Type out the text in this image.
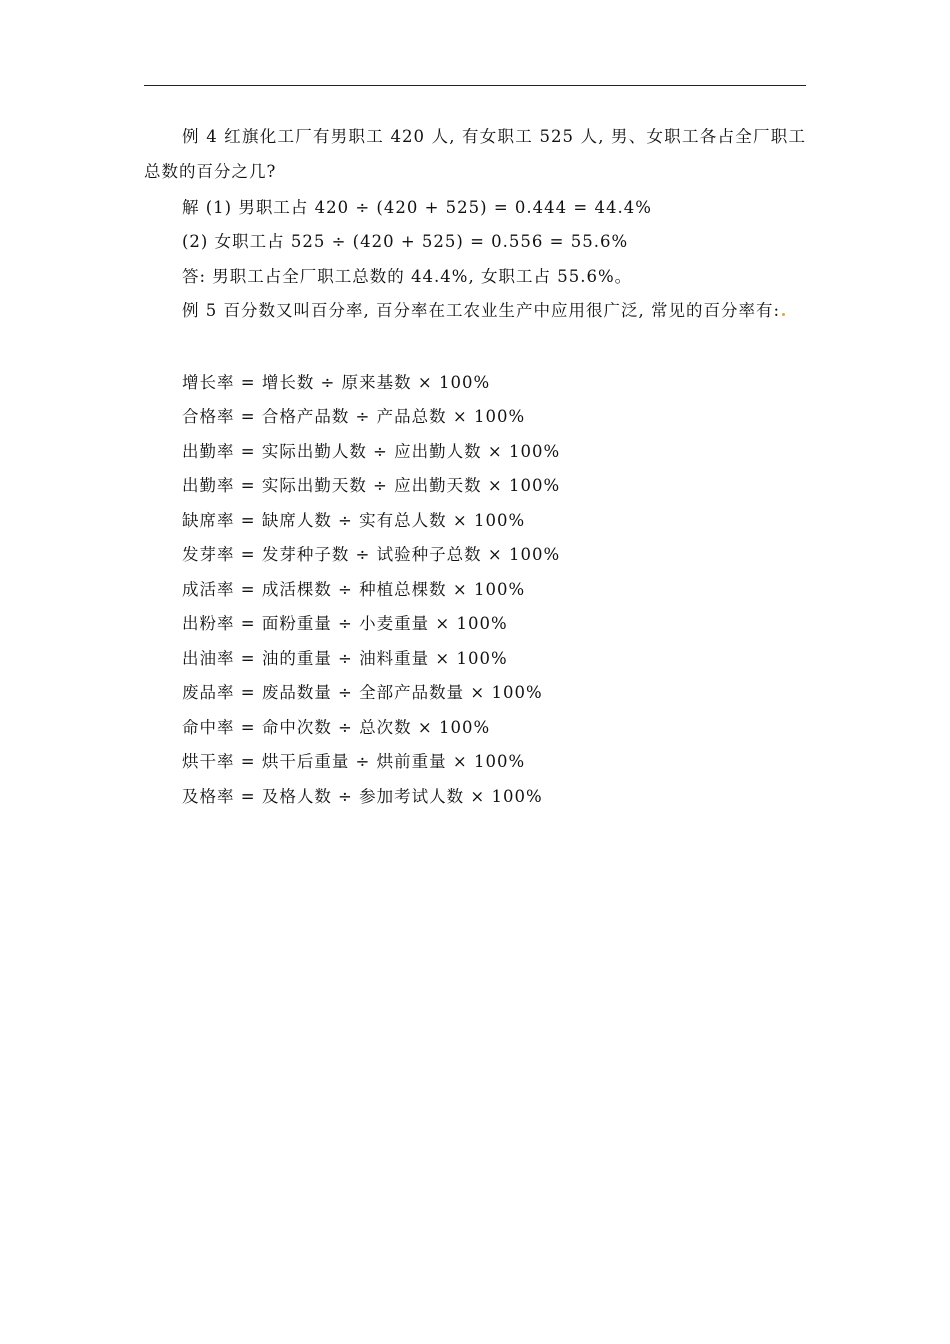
例 4 红旗化工厂有男职工 420 人, 有女职工 525 人, 男、女职工各占全厂职工总数的百分之几?
解 (1) 男职工占 420 ÷ (420 + 525) = 0.444 = 44.4%
(2) 女职工占 525 ÷ (420 + 525) = 0.556 = 55.6%
答: 男职工占全厂职工总数的 44.4%, 女职工占 55.6%。
例 5 百分数又叫百分率, 百分率在工农业生产中应用很广泛, 常见的百分率有:
增长率 = 增长数 ÷ 原来基数 × 100%
合格率 = 合格产品数 ÷ 产品总数 × 100%
出勤率 = 实际出勤人数 ÷ 应出勤人数 × 100%
出勤率 = 实际出勤天数 ÷ 应出勤天数 × 100%
缺席率 = 缺席人数 ÷ 实有总人数 × 100%
发芽率 = 发芽种子数 ÷ 试验种子总数 × 100%
成活率 = 成活棵数 ÷ 种植总棵数 × 100%
出粉率 = 面粉重量 ÷ 小麦重量 × 100%
出油率 = 油的重量 ÷ 油料重量 × 100%
废品率 = 废品数量 ÷ 全部产品数量 × 100%
命中率 = 命中次数 ÷ 总次数 × 100%
烘干率 = 烘干后重量 ÷ 烘前重量 × 100%
及格率 = 及格人数 ÷ 参加考试人数 × 100%
